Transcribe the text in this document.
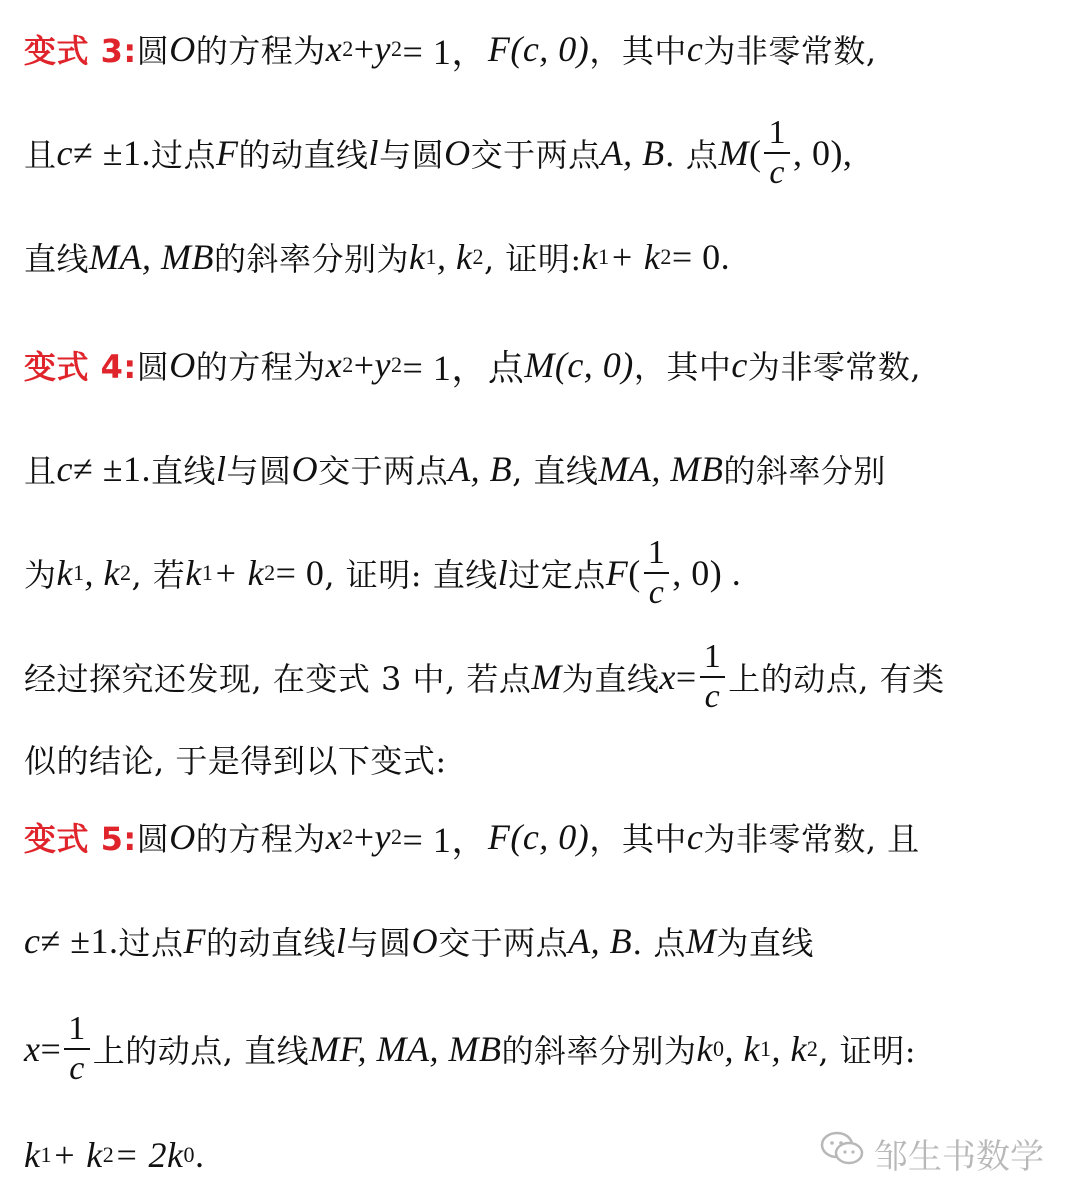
变式 3: 圆 O 的方程为 x 2 + y 2 = 1， F (c, 0) ，其中 c 为非零常数,
且 c ≠ ±1. 过点 F 的动直线 l 与圆 O 交于两点 A, B . 点 M ( $\frac{1}{c}$ , 0),
直线 MA, MB 的斜率分别为 k 1 , k 2 , 证明: k 1 + k 2 = 0.
变式 4: 圆 O 的方程为 x 2 + y 2 = 1，点 M (c, 0) ，其中 c 为非零常数,
且 c ≠ ±1. 直线 l 与圆 O 交于两点 A, B , 直线 MA, MB 的斜率分别
为 k 1 , k 2 , 若 k 1 + k 2 = 0 , 证明: 直线 l 过定点 F ( $\frac{1}{c}$ , 0) .
经过探究还发现, 在变式 3 中, 若点 M 为直线 $x = \frac{1}{c}$ 上的动点, 有类
似的结论, 于是得到以下变式:
变式 5: 圆 O 的方程为 x 2 + y 2 = 1， F (c, 0) ，其中 c 为非零常数, 且
c ≠ ±1. 过点 F 的动直线 l 与圆 O 交于两点 A, B . 点 M 为直线
$x = \frac{1}{c}$ 上的动点, 直线 MF, MA, MB 的斜率分别为 k 0 , k 1 , k 2 , 证明:
k 1 + k 2 = 2k 0 .	邹生书数学
